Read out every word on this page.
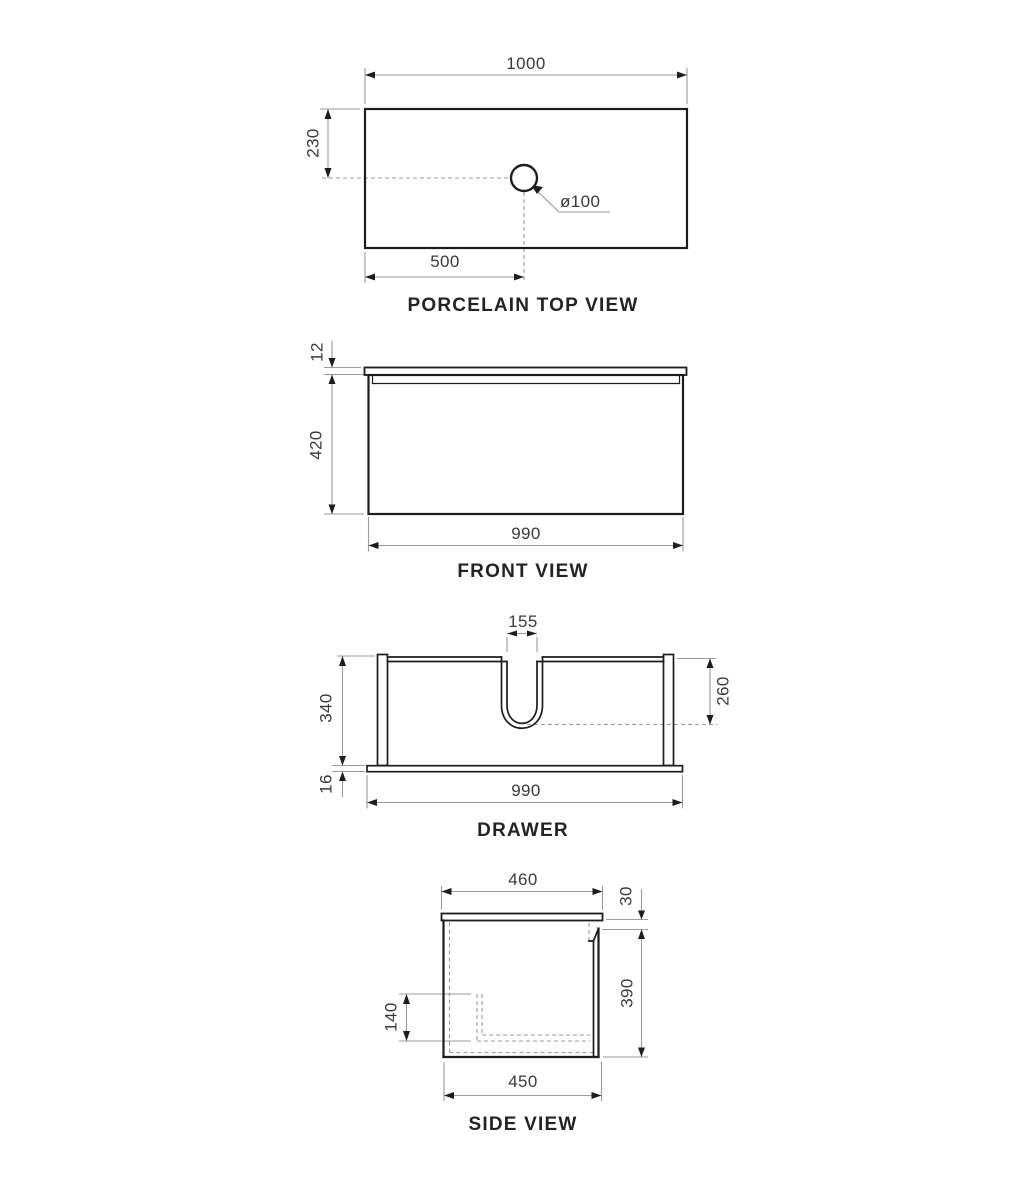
1000
230
ø100
500
PORCELAIN TOP VIEW
12
420
990
FRONT VIEW
155
340
260
16	990
DRAWER
460
30
390
140
450
SIDE VIEW
